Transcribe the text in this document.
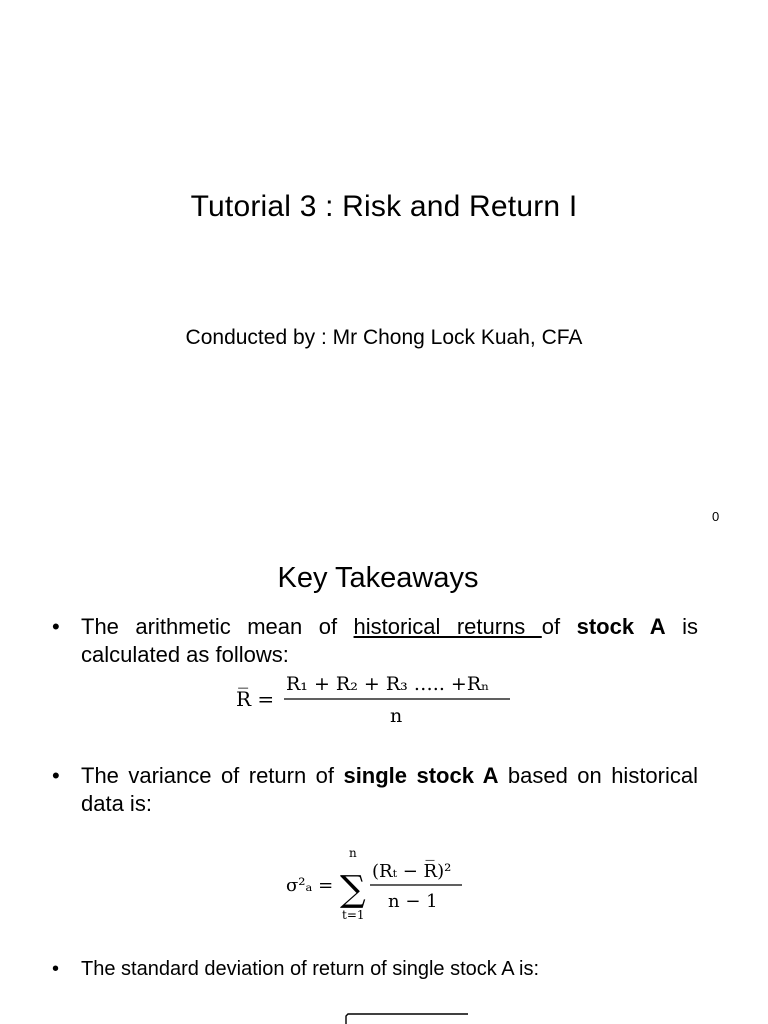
Tutorial 3 : Risk and Return I
Conducted by : Mr Chong Lock Kuah, CFA
0
Key Takeaways
• The arithmetic mean of historical returns of stock A is calculated as follows:
R̅ =
R₁ + R₂ + R₃ ….. +Rₙ
n
• The variance of return of single stock A based on historical data is:
σ²ₐ =
n
∑
t=1
(Rₜ − R̅)²
n − 1
• The standard deviation of return of single stock A is:
